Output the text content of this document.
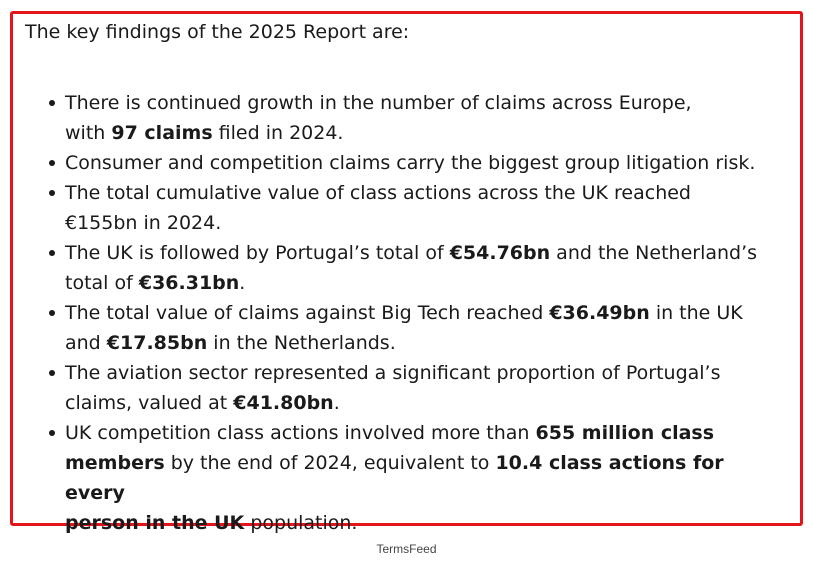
The key findings of the 2025 Report are:

There is continued growth in the number of claims across Europe,
with 97 claims filed in 2024.
Consumer and competition claims carry the biggest group litigation risk.
The total cumulative value of class actions across the UK reached
€155bn in 2024.
The UK is followed by Portugal’s total of €54.76bn and the Netherland’s
total of €36.31bn.
The total value of claims against Big Tech reached €36.49bn in the UK
and €17.85bn in the Netherlands.
The aviation sector represented a significant proportion of Portugal’s
claims, valued at €41.80bn.
UK competition class actions involved more than 655 million class
members by the end of 2024, equivalent to 10.4 class actions for every
person in the UK population.
TermsFeed
